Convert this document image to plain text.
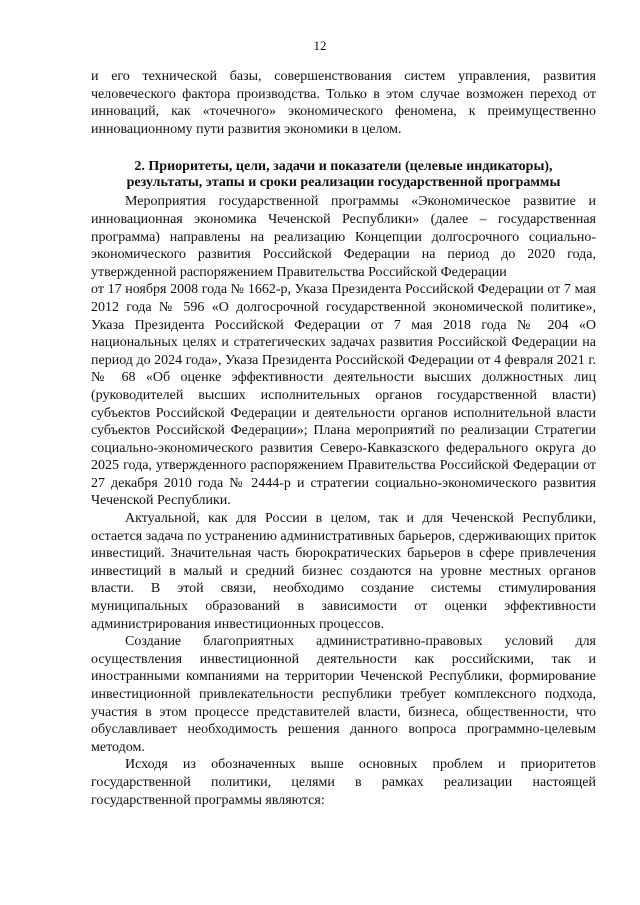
12

и его технической базы, совершенствования систем управления, развития человеческого фактора производства. Только в этом случае возможен переход от инноваций, как «точечного» экономического феномена, к преимущественно инновационному пути развития экономики в целом.

2. Приоритеты, цели, задачи и показатели (целевые индикаторы),
результаты, этапы и сроки реализации государственной программы

Мероприятия государственной программы «Экономическое развитие и инновационная экономика Чеченской Республики» (далее – государственная программа) направлены на реализацию Концепции долгосрочного социально-экономического развития Российской Федерации на период до 2020 года, утвержденной распоряжением Правительства Российской Федерации
от 17 ноября 2008 года № 1662-р, Указа Президента Российской Федерации от 7 мая 2012 года № 596 «О долгосрочной государственной экономической политике», Указа Президента Российской Федерации от 7 мая 2018 года № 204 «О национальных целях и стратегических задачах развития Российской Федерации на период до 2024 года», Указа Президента Российской Федерации от 4 февраля 2021 г. № 68 «Об оценке эффективности деятельности высших должностных лиц (руководителей высших исполнительных органов государственной власти) субъектов Российской Федерации и деятельности органов исполнительной власти субъектов Российской Федерации»; Плана мероприятий по реализации Стратегии социально-экономического развития Северо-Кавказского федерального округа до 2025 года, утвержденного распоряжением Правительства Российской Федерации от 27 декабря 2010 года № 2444-р и стратегии социально-экономического развития Чеченской Республики.

Актуальной, как для России в целом, так и для Чеченской Республики, остается задача по устранению административных барьеров, сдерживающих приток инвестиций. Значительная часть бюрократических барьеров в сфере привлечения инвестиций в малый и средний бизнес создаются на уровне местных органов власти. В этой связи, необходимо создание системы стимулирования муниципальных образований в зависимости от оценки эффективности администрирования инвестиционных процессов.

Создание благоприятных административно-правовых условий для осуществления инвестиционной деятельности как российскими, так и иностранными компаниями на территории Чеченской Республики, формирование инвестиционной привлекательности республики требует комплексного подхода, участия в этом процессе представителей власти, бизнеса, общественности, что обуславливает необходимость решения данного вопроса программно-целевым методом.

Исходя из обозначенных выше основных проблем и приоритетов государственной политики, целями в рамках реализации настоящей государственной программы являются:
